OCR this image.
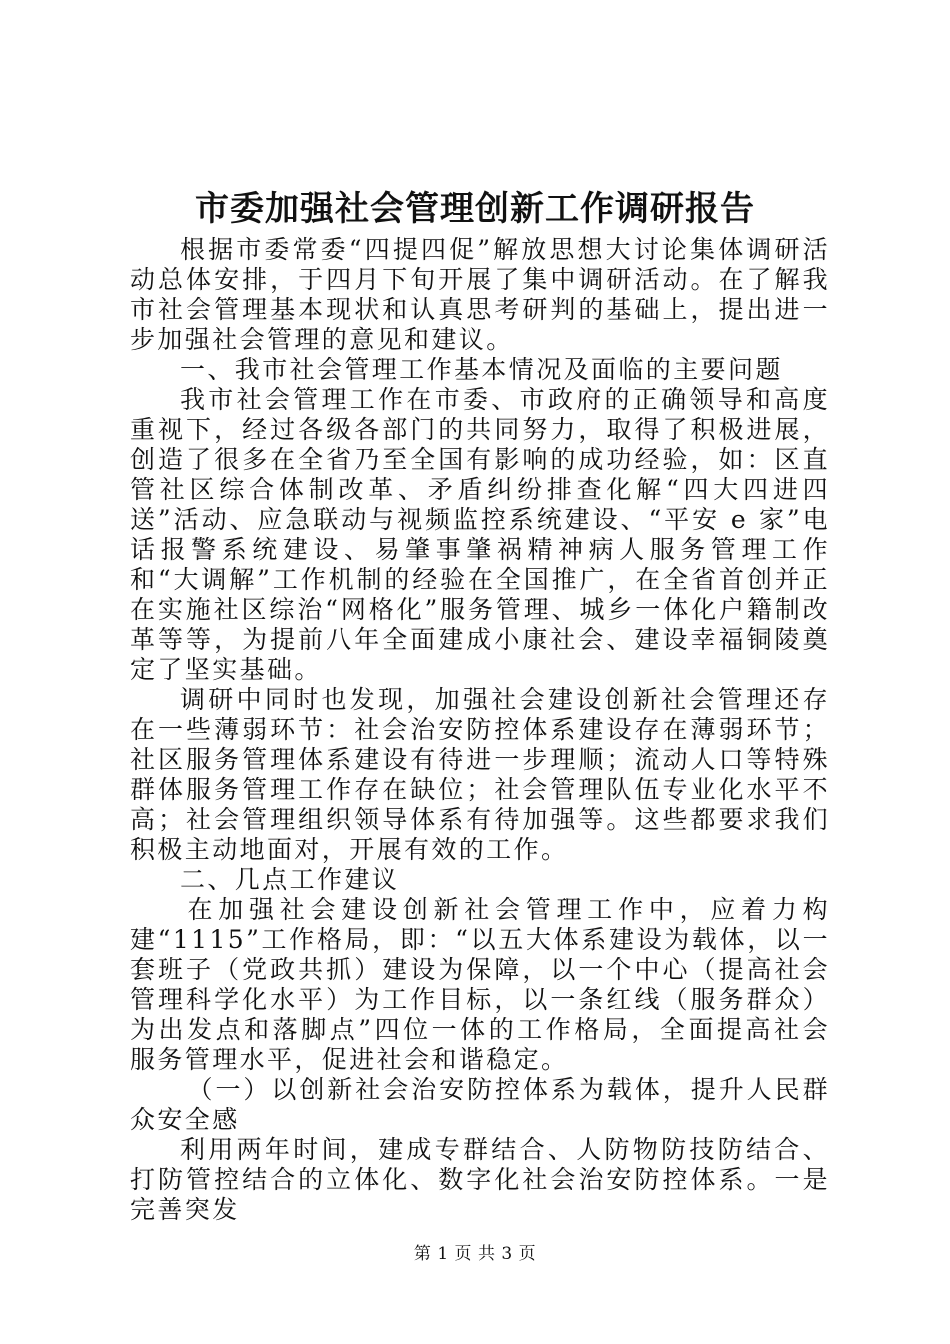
市委加强社会管理创新工作调研报告

根据市委常委“四提四促”解放思想大讨论集体调研活动总体安排，于四月下旬开展了集中调研活动。在了解我市社会管理基本现状和认真思考研判的基础上，提出进一步加强社会管理的意见和建议。

一、我市社会管理工作基本情况及面临的主要问题

我市社会管理工作在市委、市政府的正确领导和高度重视下，经过各级各部门的共同努力，取得了积极进展，创造了很多在全省乃至全国有影响的成功经验，如：区直管社区综合体制改革、矛盾纠纷排查化解“四大四进四送”活动、应急联动与视频监控系统建设、“平安 e 家”电话报警系统建设、易肇事肇祸精神病人服务管理工作和“大调解”工作机制的经验在全国推广，在全省首创并正在实施社区综治“网格化”服务管理、城乡一体化户籍制改革等等，为提前八年全面建成小康社会、建设幸福铜陵奠定了坚实基础。

调研中同时也发现，加强社会建设创新社会管理还存在一些薄弱环节：社会治安防控体系建设存在薄弱环节；社区服务管理体系建设有待进一步理顺；流动人口等特殊群体服务管理工作存在缺位；社会管理队伍专业化水平不高；社会管理组织领导体系有待加强等。这些都要求我们积极主动地面对，开展有效的工作。

二、几点工作建议

在加强社会建设创新社会管理工作中，应着力构建“1115”工作格局，即：“以五大体系建设为载体，以一套班子（党政共抓）建设为保障，以一个中心（提高社会管理科学化水平）为工作目标，以一条红线（服务群众）为出发点和落脚点”四位一体的工作格局，全面提高社会服务管理水平，促进社会和谐稳定。

（一）以创新社会治安防控体系为载体，提升人民群众安全感

利用两年时间，建成专群结合、人防物防技防结合、打防管控结合的立体化、数字化社会治安防控体系。一是完善突发

第 1 页 共 3 页
